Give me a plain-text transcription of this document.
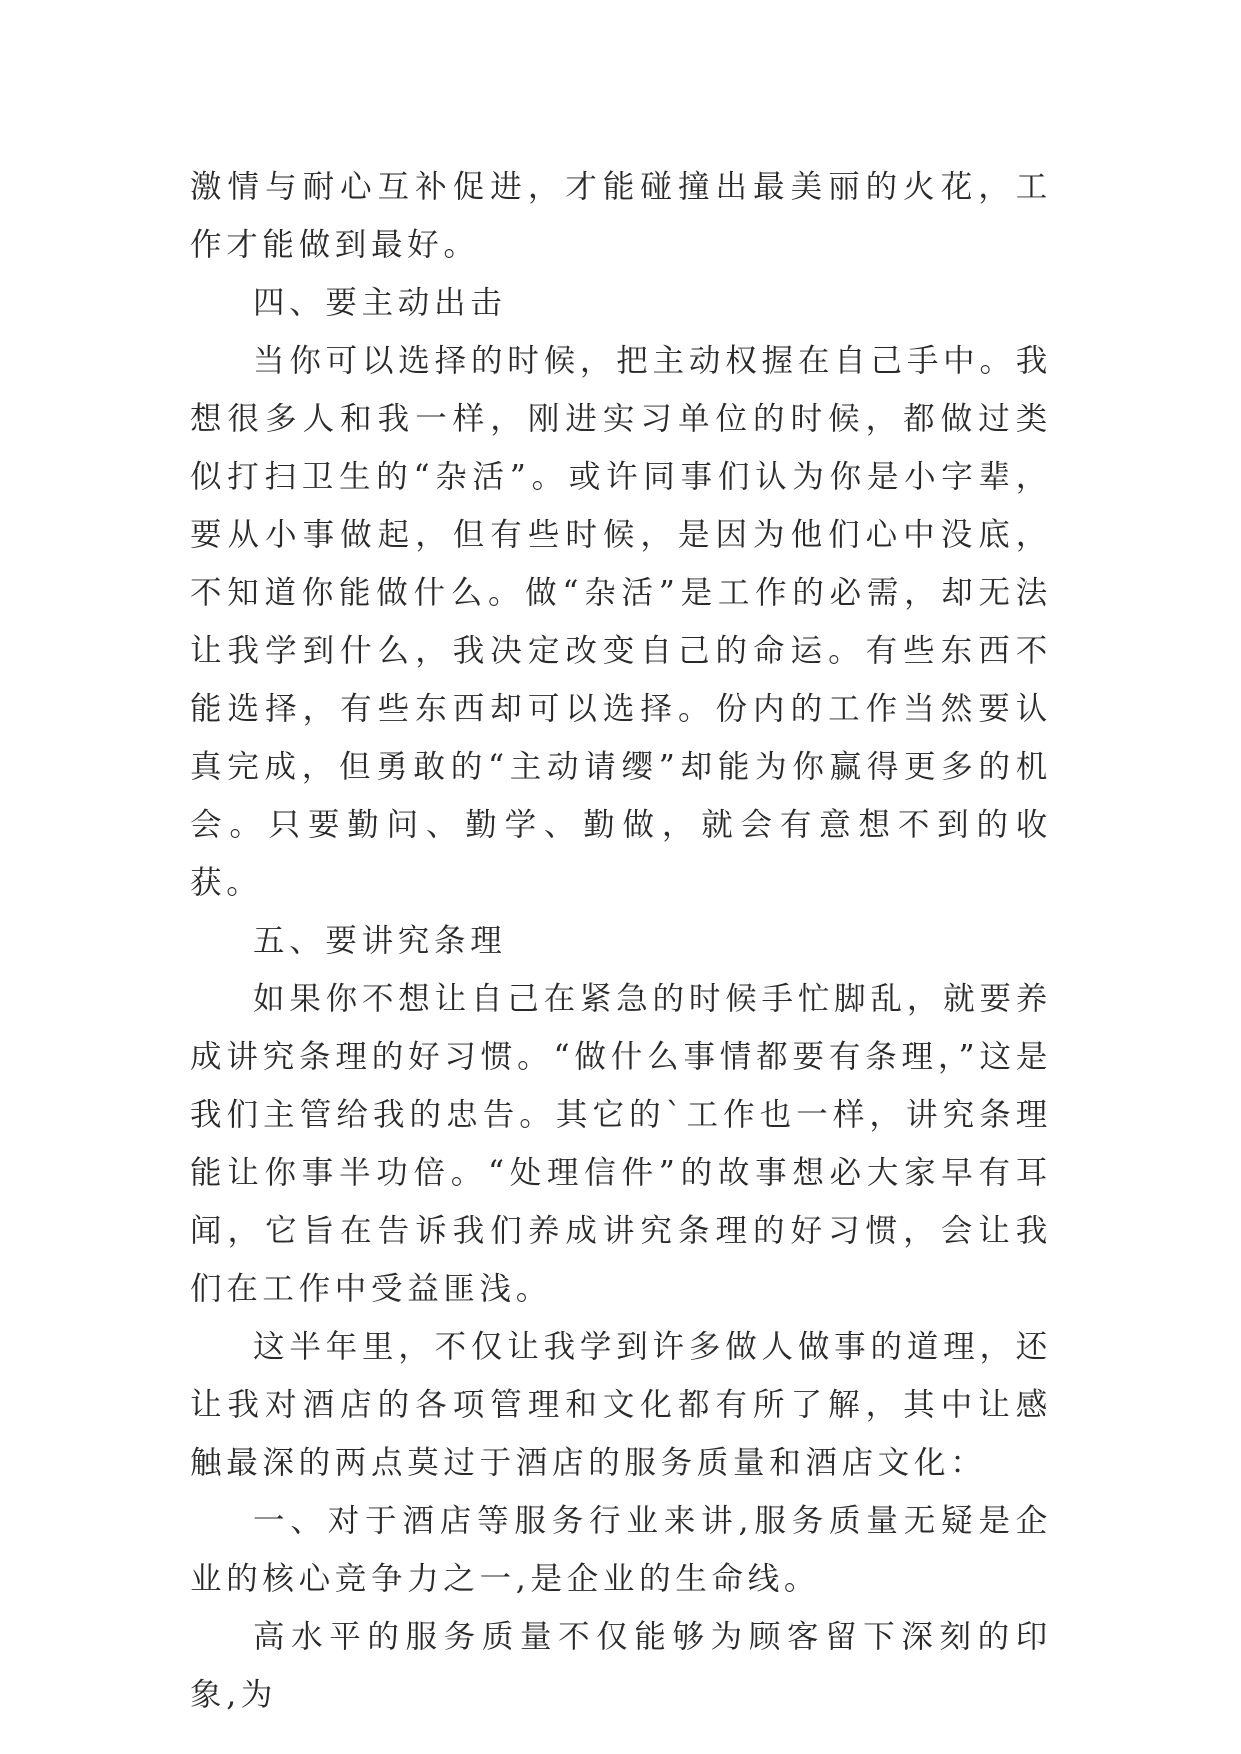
激情与耐心互补促进，才能碰撞出最美丽的火花，工作才能做到最好。

四、要主动出击

当你可以选择的时候，把主动权握在自己手中。我想很多人和我一样，刚进实习单位的时候，都做过类似打扫卫生的“杂活”。或许同事们认为你是小字辈，要从小事做起，但有些时候，是因为他们心中没底，不知道你能做什么。做“杂活”是工作的必需，却无法让我学到什么，我决定改变自己的命运。有些东西不能选择，有些东西却可以选择。份内的工作当然要认真完成，但勇敢的“主动请缨”却能为你赢得更多的机会。只要勤问、勤学、勤做，就会有意想不到的收获。

五、要讲究条理

如果你不想让自己在紧急的时候手忙脚乱，就要养成讲究条理的好习惯。“做什么事情都要有条理，”这是我们主管给我的忠告。其它的`工作也一样，讲究条理能让你事半功倍。“处理信件”的故事想必大家早有耳闻，它旨在告诉我们养成讲究条理的好习惯，会让我们在工作中受益匪浅。

这半年里，不仅让我学到许多做人做事的道理，还让我对酒店的各项管理和文化都有所了解，其中让感触最深的两点莫过于酒店的服务质量和酒店文化：

一、对于酒店等服务行业来讲,服务质量无疑是企业的核心竞争力之一,是企业的生命线。

高水平的服务质量不仅能够为顾客留下深刻的印象,为
